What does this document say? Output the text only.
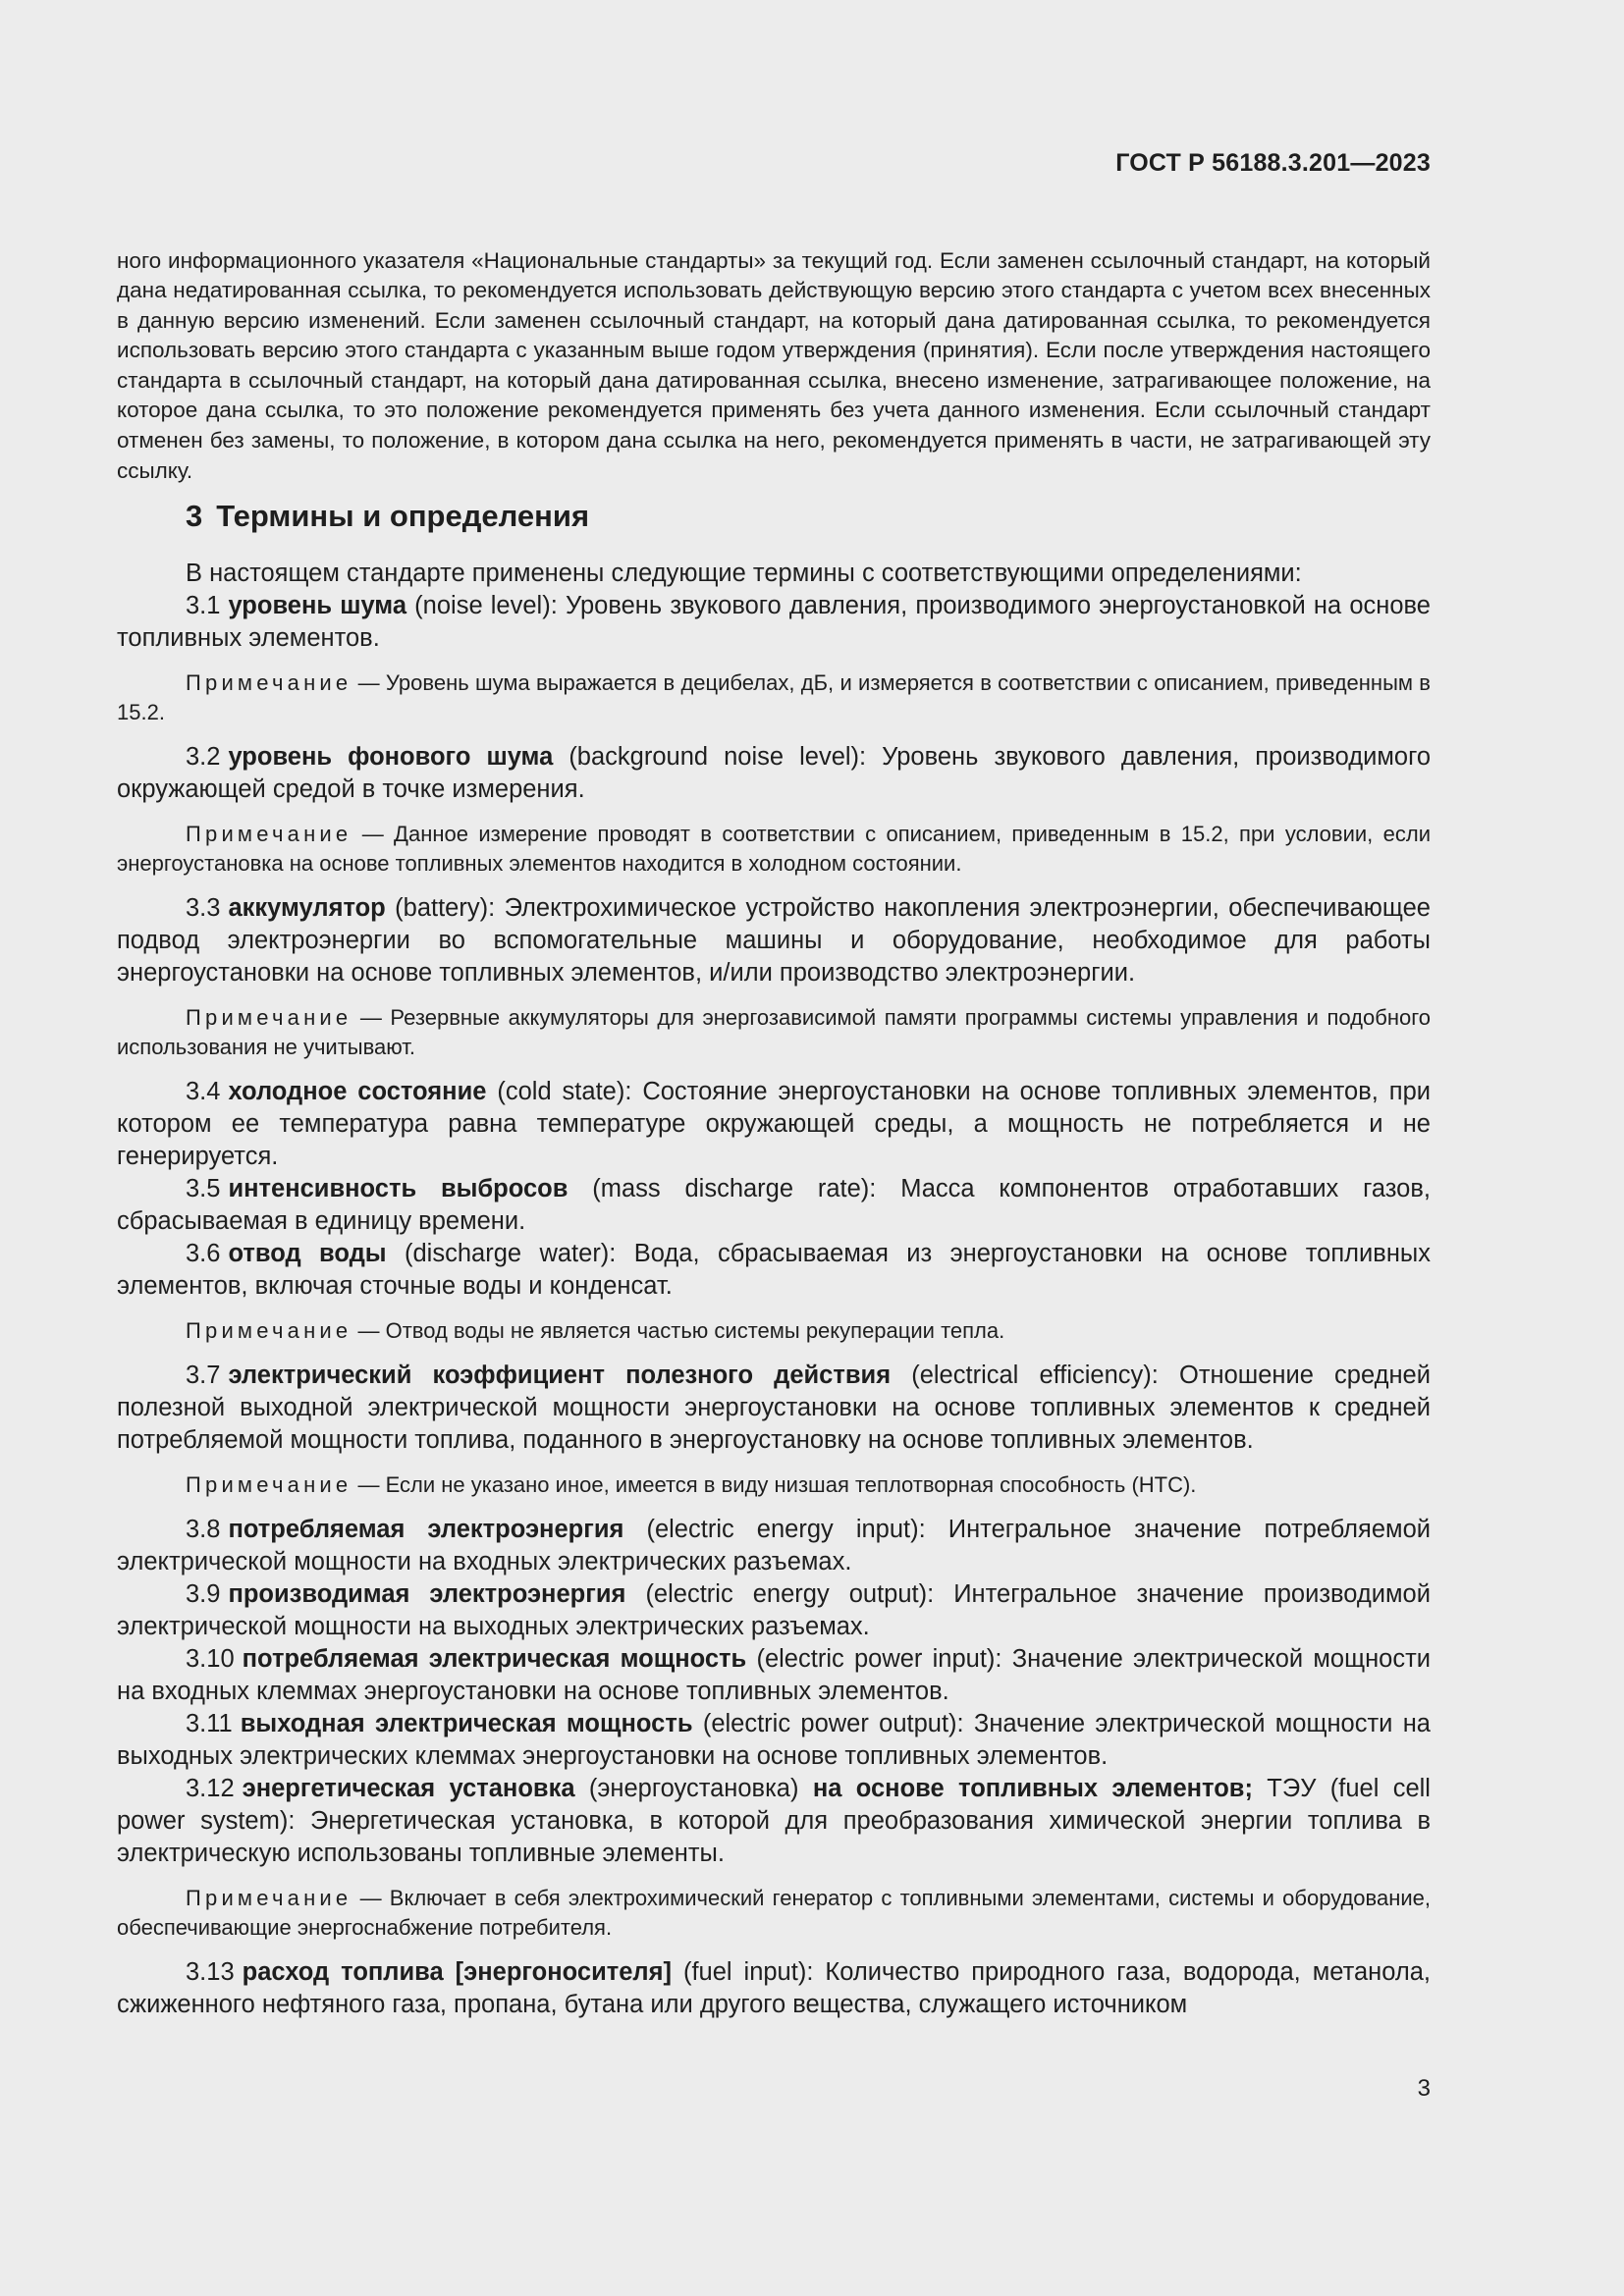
ГОСТ Р 56188.3.201—2023

ного информационного указателя «Национальные стандарты» за текущий год. Если заменен ссылочный стандарт, на который дана недатированная ссылка, то рекомендуется использовать действующую версию этого стандарта с учетом всех внесенных в данную версию изменений. Если заменен ссылочный стандарт, на который дана датированная ссылка, то рекомендуется использовать версию этого стандарта с указанным выше годом утверждения (принятия). Если после утверждения настоящего стандарта в ссылочный стандарт, на который дана датированная ссылка, внесено изменение, затрагивающее положение, на которое дана ссылка, то это положение рекомендуется применять без учета данного изменения. Если ссылочный стандарт отменен без замены, то положение, в котором дана ссылка на него, рекомендуется применять в части, не затрагивающей эту ссылку.

3 Термины и определения

В настоящем стандарте применены следующие термины с соответствующими определениями:

3.1 уровень шума (noise level): Уровень звукового давления, производимого энергоустановкой на основе топливных элементов.

Примечание — Уровень шума выражается в децибелах, дБ, и измеряется в соответствии с описанием, приведенным в 15.2.

3.2 уровень фонового шума (background noise level): Уровень звукового давления, производимого окружающей средой в точке измерения.

Примечание — Данное измерение проводят в соответствии с описанием, приведенным в 15.2, при условии, если энергоустановка на основе топливных элементов находится в холодном состоянии.

3.3 аккумулятор (battery): Электрохимическое устройство накопления электроэнергии, обеспечивающее подвод электроэнергии во вспомогательные машины и оборудование, необходимое для работы энергоустановки на основе топливных элементов, и/или производство электроэнергии.

Примечание — Резервные аккумуляторы для энергозависимой памяти программы системы управления и подобного использования не учитывают.

3.4 холодное состояние (cold state): Состояние энергоустановки на основе топливных элементов, при котором ее температура равна температуре окружающей среды, а мощность не потребляется и не генерируется.

3.5 интенсивность выбросов (mass discharge rate): Масса компонентов отработавших газов, сбрасываемая в единицу времени.

3.6 отвод воды (discharge water): Вода, сбрасываемая из энергоустановки на основе топливных элементов, включая сточные воды и конденсат.

Примечание — Отвод воды не является частью системы рекуперации тепла.

3.7 электрический коэффициент полезного действия (electrical efficiency): Отношение средней полезной выходной электрической мощности энергоустановки на основе топливных элементов к средней потребляемой мощности топлива, поданного в энергоустановку на основе топливных элементов.

Примечание — Если не указано иное, имеется в виду низшая теплотворная способность (НТС).

3.8 потребляемая электроэнергия (electric energy input): Интегральное значение потребляемой электрической мощности на входных электрических разъемах.

3.9 производимая электроэнергия (electric energy output): Интегральное значение производимой электрической мощности на выходных электрических разъемах.

3.10 потребляемая электрическая мощность (electric power input): Значение электрической мощности на входных клеммах энергоустановки на основе топливных элементов.

3.11 выходная электрическая мощность (electric power output): Значение электрической мощности на выходных электрических клеммах энергоустановки на основе топливных элементов.

3.12 энергетическая установка (энергоустановка) на основе топливных элементов; ТЭУ (fuel cell power system): Энергетическая установка, в которой для преобразования химической энергии топлива в электрическую использованы топливные элементы.

Примечание — Включает в себя электрохимический генератор с топливными элементами, системы и оборудование, обеспечивающие энергоснабжение потребителя.

3.13 расход топлива [энергоносителя] (fuel input): Количество природного газа, водорода, метанола, сжиженного нефтяного газа, пропана, бутана или другого вещества, служащего источником

3
